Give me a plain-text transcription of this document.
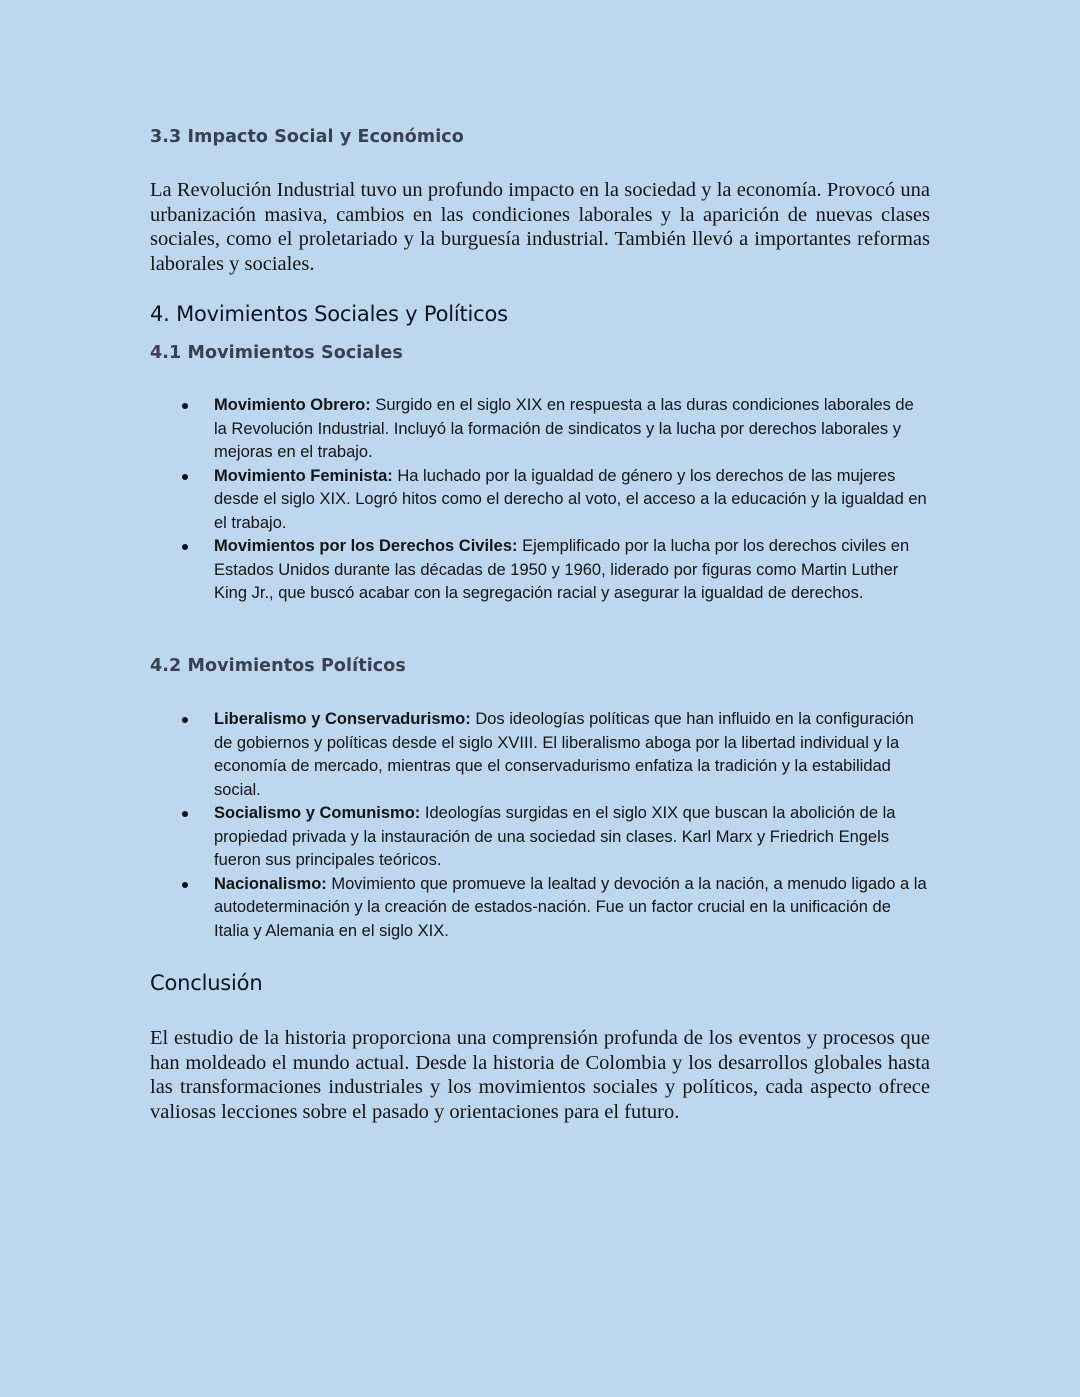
3.3 Impacto Social y Económico

La Revolución Industrial tuvo un profundo impacto en la sociedad y la economía. Provocó una urbanización masiva, cambios en las condiciones laborales y la aparición de nuevas clases sociales, como el proletariado y la burguesía industrial. También llevó a importantes reformas laborales y sociales.

4. Movimientos Sociales y Políticos
4.1 Movimientos Sociales
Movimiento Obrero: Surgido en el siglo XIX en respuesta a las duras condiciones laborales de la Revolución Industrial. Incluyó la formación de sindicatos y la lucha por derechos laborales y mejoras en el trabajo.
Movimiento Feminista: Ha luchado por la igualdad de género y los derechos de las mujeres desde el siglo XIX. Logró hitos como el derecho al voto, el acceso a la educación y la igualdad en el trabajo.
Movimientos por los Derechos Civiles: Ejemplificado por la lucha por los derechos civiles en Estados Unidos durante las décadas de 1950 y 1960, liderado por figuras como Martin Luther King Jr., que buscó acabar con la segregación racial y asegurar la igualdad de derechos.
4.2 Movimientos Políticos
Liberalismo y Conservadurismo: Dos ideologías políticas que han influido en la configuración de gobiernos y políticas desde el siglo XVIII. El liberalismo aboga por la libertad individual y la economía de mercado, mientras que el conservadurismo enfatiza la tradición y la estabilidad social.
Socialismo y Comunismo: Ideologías surgidas en el siglo XIX que buscan la abolición de la propiedad privada y la instauración de una sociedad sin clases. Karl Marx y Friedrich Engels fueron sus principales teóricos.
Nacionalismo: Movimiento que promueve la lealtad y devoción a la nación, a menudo ligado a la autodeterminación y la creación de estados-nación. Fue un factor crucial en la unificación de Italia y Alemania en el siglo XIX.
Conclusión

El estudio de la historia proporciona una comprensión profunda de los eventos y procesos que han moldeado el mundo actual. Desde la historia de Colombia y los desarrollos globales hasta las transformaciones industriales y los movimientos sociales y políticos, cada aspecto ofrece valiosas lecciones sobre el pasado y orientaciones para el futuro.
